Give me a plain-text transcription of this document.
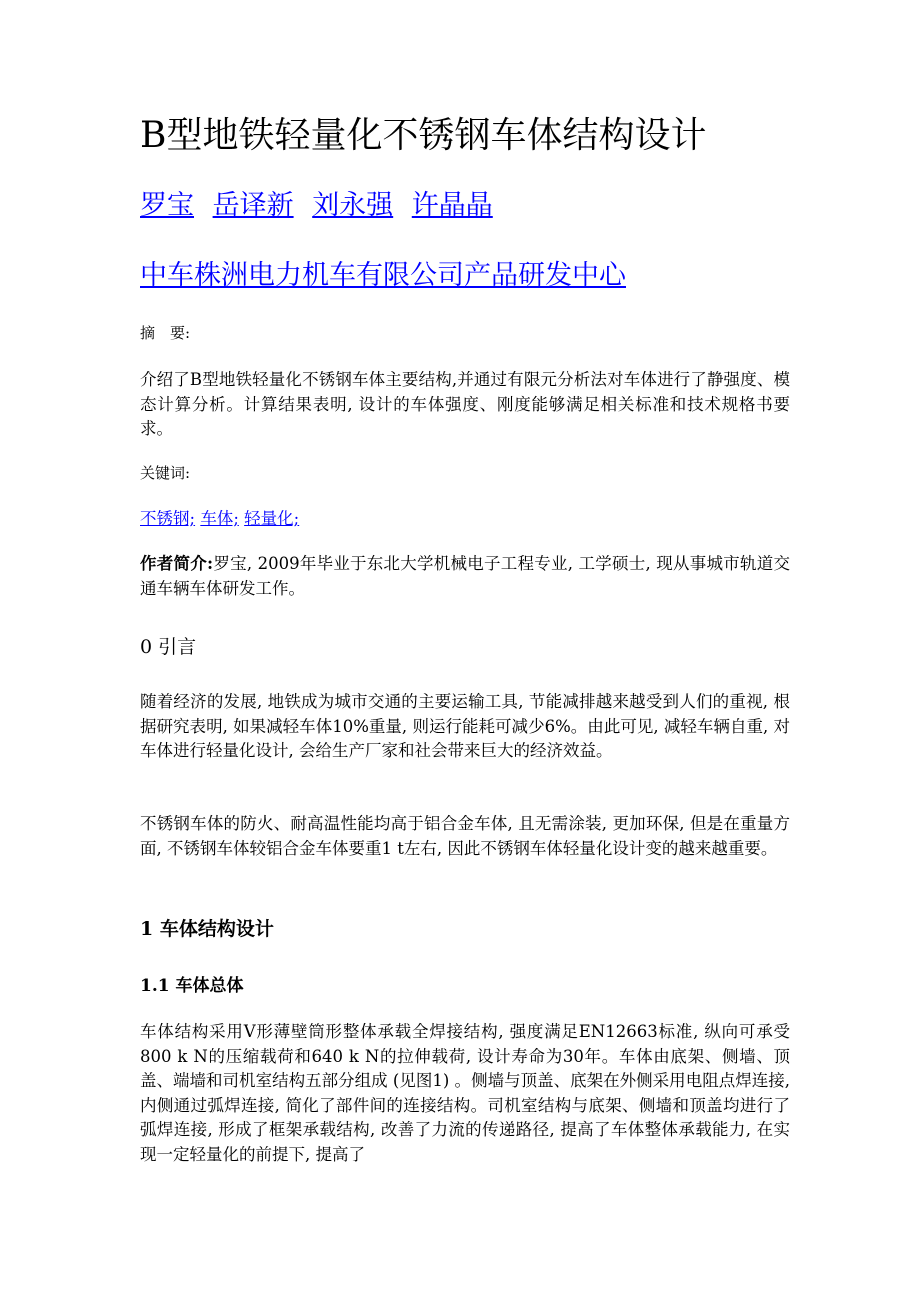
B型地铁轻量化不锈钢车体结构设计
罗宝 岳译新 刘永强 许晶晶
中车株洲电力机车有限公司产品研发中心
摘　要:

介绍了B型地铁轻量化不锈钢车体主要结构,并通过有限元分析法对车体进行了静强度、模态计算分析。计算结果表明, 设计的车体强度、刚度能够满足相关标准和技术规格书要求。

关键词:
不锈钢; 车体; 轻量化;

作者简介:罗宝, 2009年毕业于东北大学机械电子工程专业, 工学硕士, 现从事城市轨道交通车辆车体研发工作。

0 引言

随着经济的发展, 地铁成为城市交通的主要运输工具, 节能减排越来越受到人们的重视, 根据研究表明, 如果减轻车体10%重量, 则运行能耗可减少6%。由此可见, 减轻车辆自重, 对车体进行轻量化设计, 会给生产厂家和社会带来巨大的经济效益。

不锈钢车体的防火、耐高温性能均高于铝合金车体, 且无需涂装, 更加环保, 但是在重量方面, 不锈钢车体较铝合金车体要重1 t左右, 因此不锈钢车体轻量化设计变的越来越重要。

1 车体结构设计
1.1 车体总体

车体结构采用V形薄壁筒形整体承载全焊接结构, 强度满足EN12663标准, 纵向可承受800 k N的压缩载荷和640 k N的拉伸载荷, 设计寿命为30年。车体由底架、侧墙、顶盖、端墙和司机室结构五部分组成 (见图1) 。侧墙与顶盖、底架在外侧采用电阻点焊连接, 内侧通过弧焊连接, 简化了部件间的连接结构。司机室结构与底架、侧墙和顶盖均进行了弧焊连接, 形成了框架承载结构, 改善了力流的传递路径, 提高了车体整体承载能力, 在实现一定轻量化的前提下, 提高了
